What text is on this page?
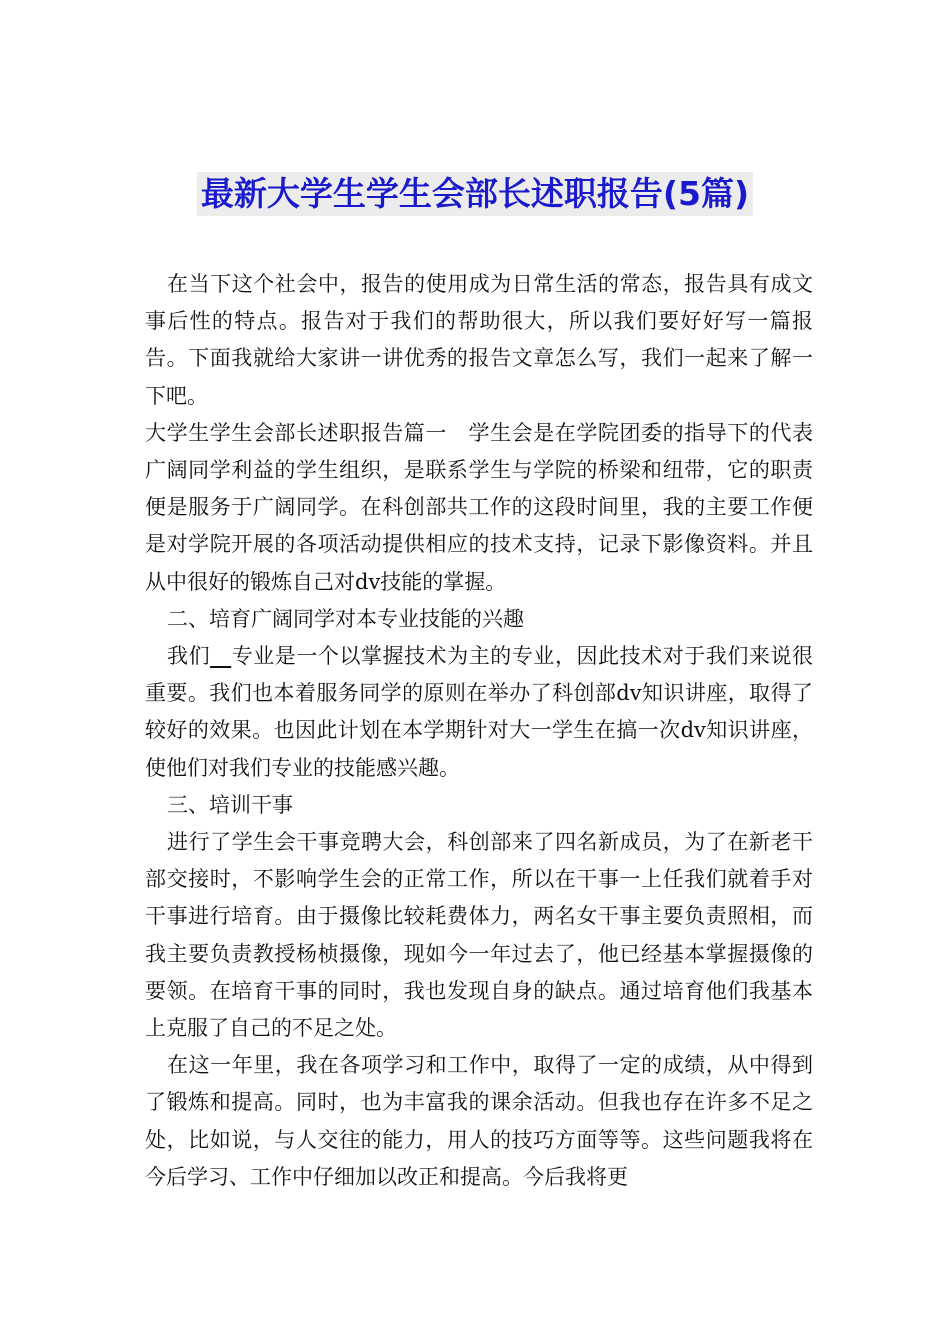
最新大学生学生会部长述职报告(5篇)

在当下这个社会中，报告的使用成为日常生活的常态，报告具有成文事后性的特点。报告对于我们的帮助很大，所以我们要好好写一篇报告。下面我就给大家讲一讲优秀的报告文章怎么写，我们一起来了解一下吧。

大学生学生会部长述职报告篇一　学生会是在学院团委的指导下的代表广阔同学利益的学生组织，是联系学生与学院的桥梁和纽带，它的职责便是服务于广阔同学。在科创部共工作的这段时间里，我的主要工作便是对学院开展的各项活动提供相应的技术支持，记录下影像资料。并且从中很好的锻炼自己对dv技能的掌握。

二、培育广阔同学对本专业技能的兴趣

我们__专业是一个以掌握技术为主的专业，因此技术对于我们来说很重要。我们也本着服务同学的原则在举办了科创部dv知识讲座，取得了较好的效果。也因此计划在本学期针对大一学生在搞一次dv知识讲座，使他们对我们专业的技能感兴趣。

三、培训干事

进行了学生会干事竞聘大会，科创部来了四名新成员，为了在新老干部交接时，不影响学生会的正常工作，所以在干事一上任我们就着手对干事进行培育。由于摄像比较耗费体力，两名女干事主要负责照相，而我主要负责教授杨桢摄像，现如今一年过去了，他已经基本掌握摄像的要领。在培育干事的同时，我也发现自身的缺点。通过培育他们我基本上克服了自己的不足之处。

在这一年里，我在各项学习和工作中，取得了一定的成绩，从中得到了锻炼和提高。同时，也为丰富我的课余活动。但我也存在许多不足之处，比如说，与人交往的能力，用人的技巧方面等等。这些问题我将在今后学习、工作中仔细加以改正和提高。今后我将更
